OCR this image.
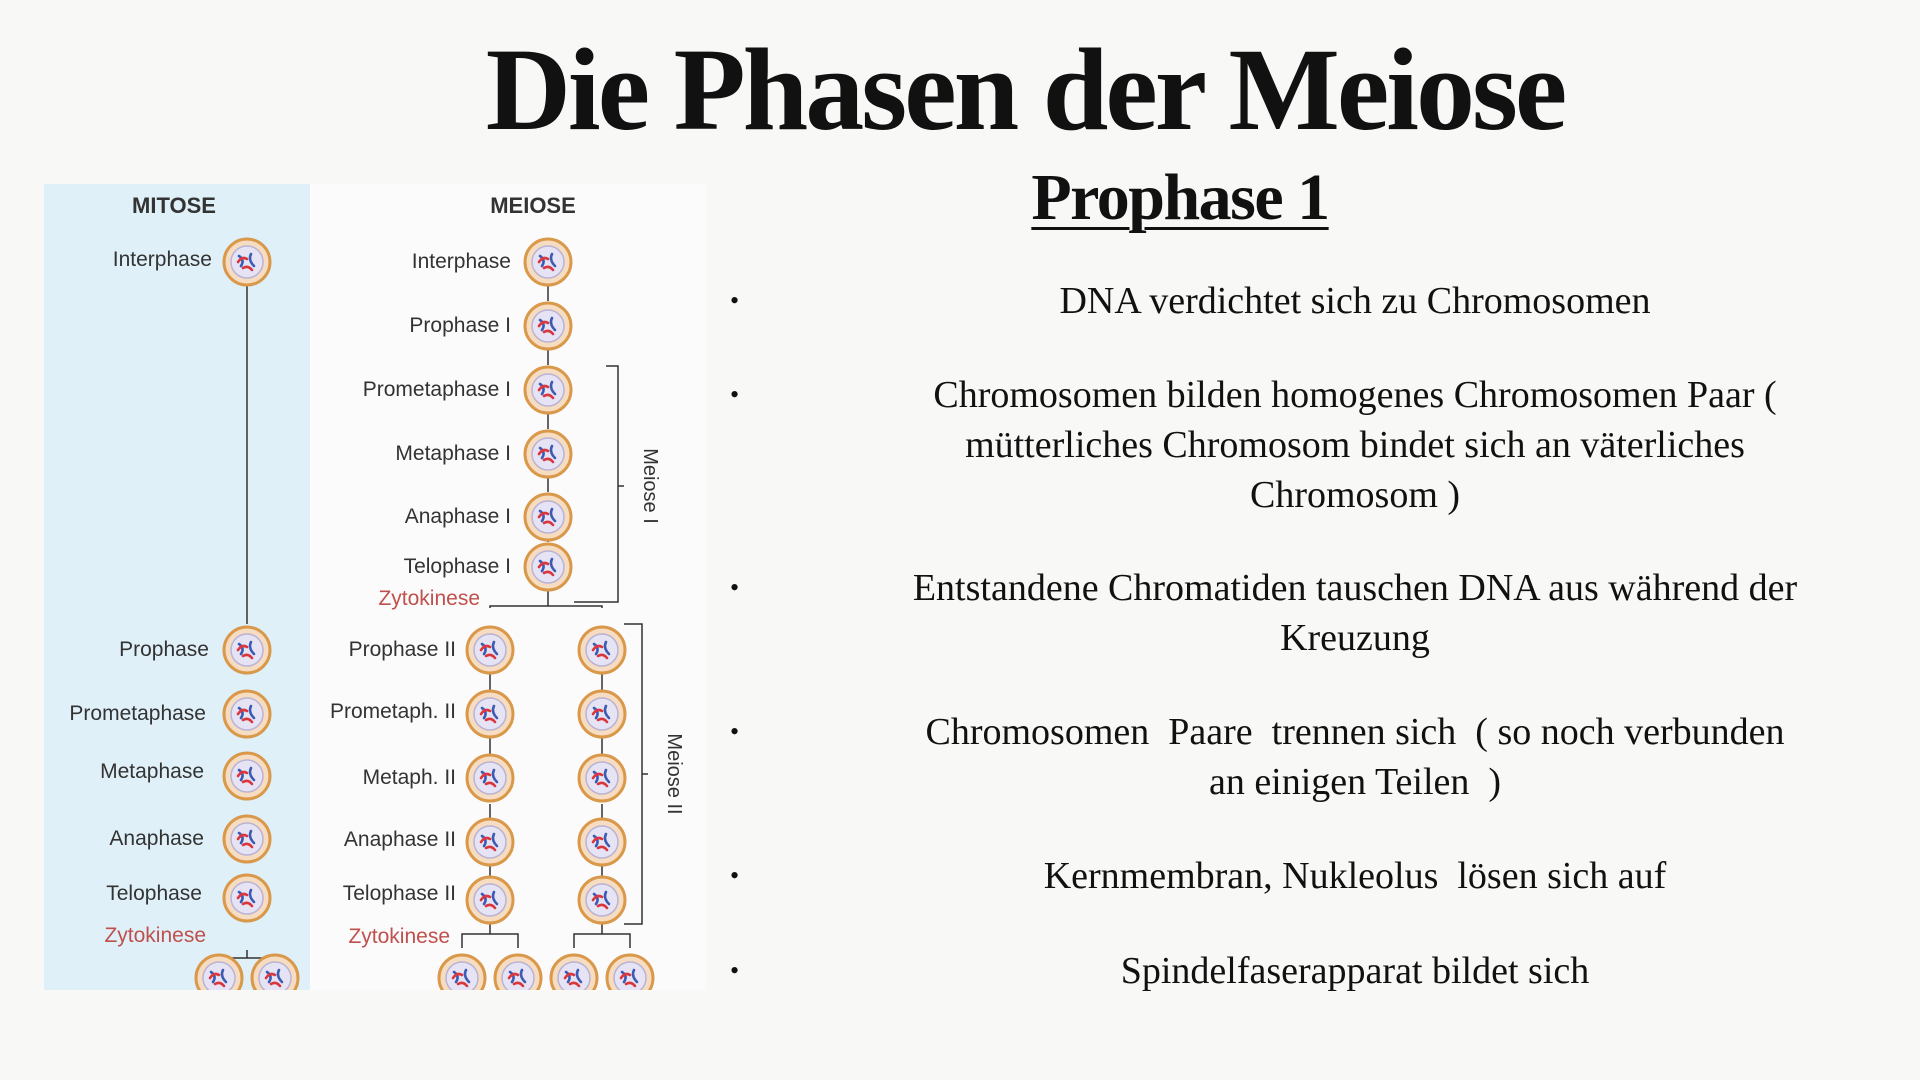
Die Phasen der Meiose
Prophase 1
MITOSE	MEIOSE
Interphase
Prophase
Prometaphase
Metaphase
Anaphase
Telophase
Zytokinese
Interphase
Prophase I
Prometaphase I
Metaphase I
Anaphase I
Telophase I
Zytokinese
Meiose I
Prophase II
Prometaph. II
Metaph. II
Anaphase II
Telophase II
Zytokinese
Meiose II
•	DNA verdichtet sich zu Chromosomen
•	Chromosomen bilden homogenes Chromosomen Paar ( mütterliches Chromosom bindet sich an väterliches Chromosom )
•	Entstandene Chromatiden tauschen DNA aus während der Kreuzung
•	Chromosomen  Paare  trennen sich  ( so noch verbunden an einigen Teilen  )
•	Kernmembran, Nukleolus  lösen sich auf
•	Spindelfaserapparat bildet sich
